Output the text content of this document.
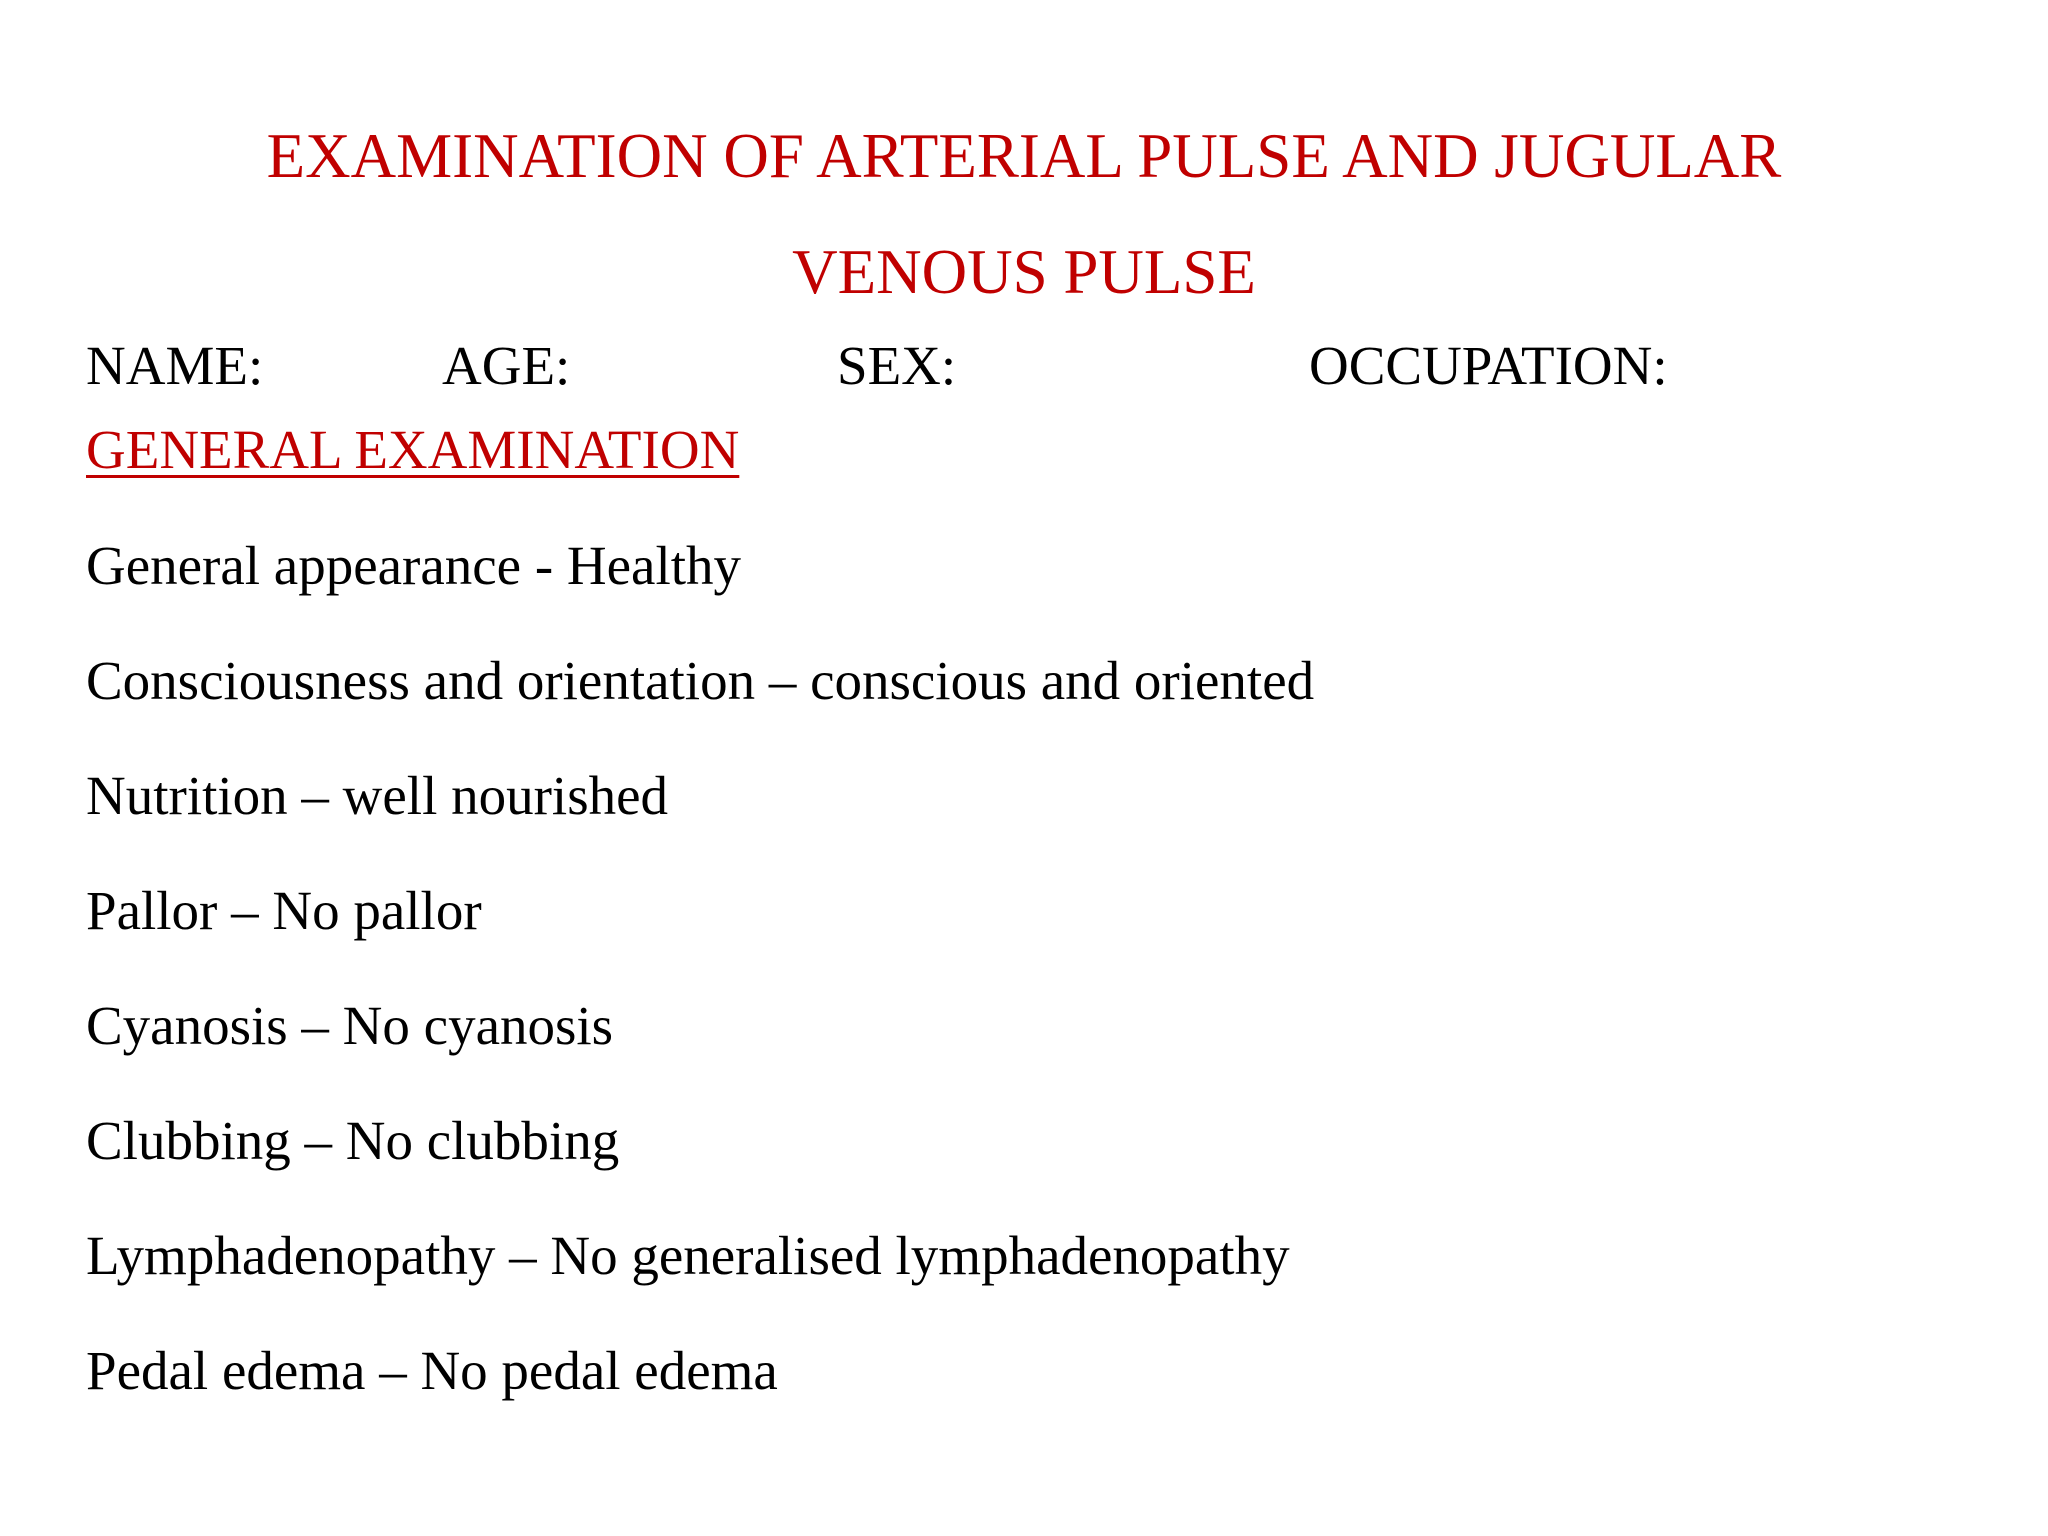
EXAMINATION OF ARTERIAL PULSE AND JUGULAR
VENOUS PULSE
NAME:	AGE:	SEX:	OCCUPATION:
GENERAL EXAMINATION
General appearance - Healthy
Consciousness and orientation – conscious and oriented
Nutrition – well nourished
Pallor – No pallor
Cyanosis – No cyanosis
Clubbing – No clubbing
Lymphadenopathy – No generalised lymphadenopathy
Pedal edema – No pedal edema
